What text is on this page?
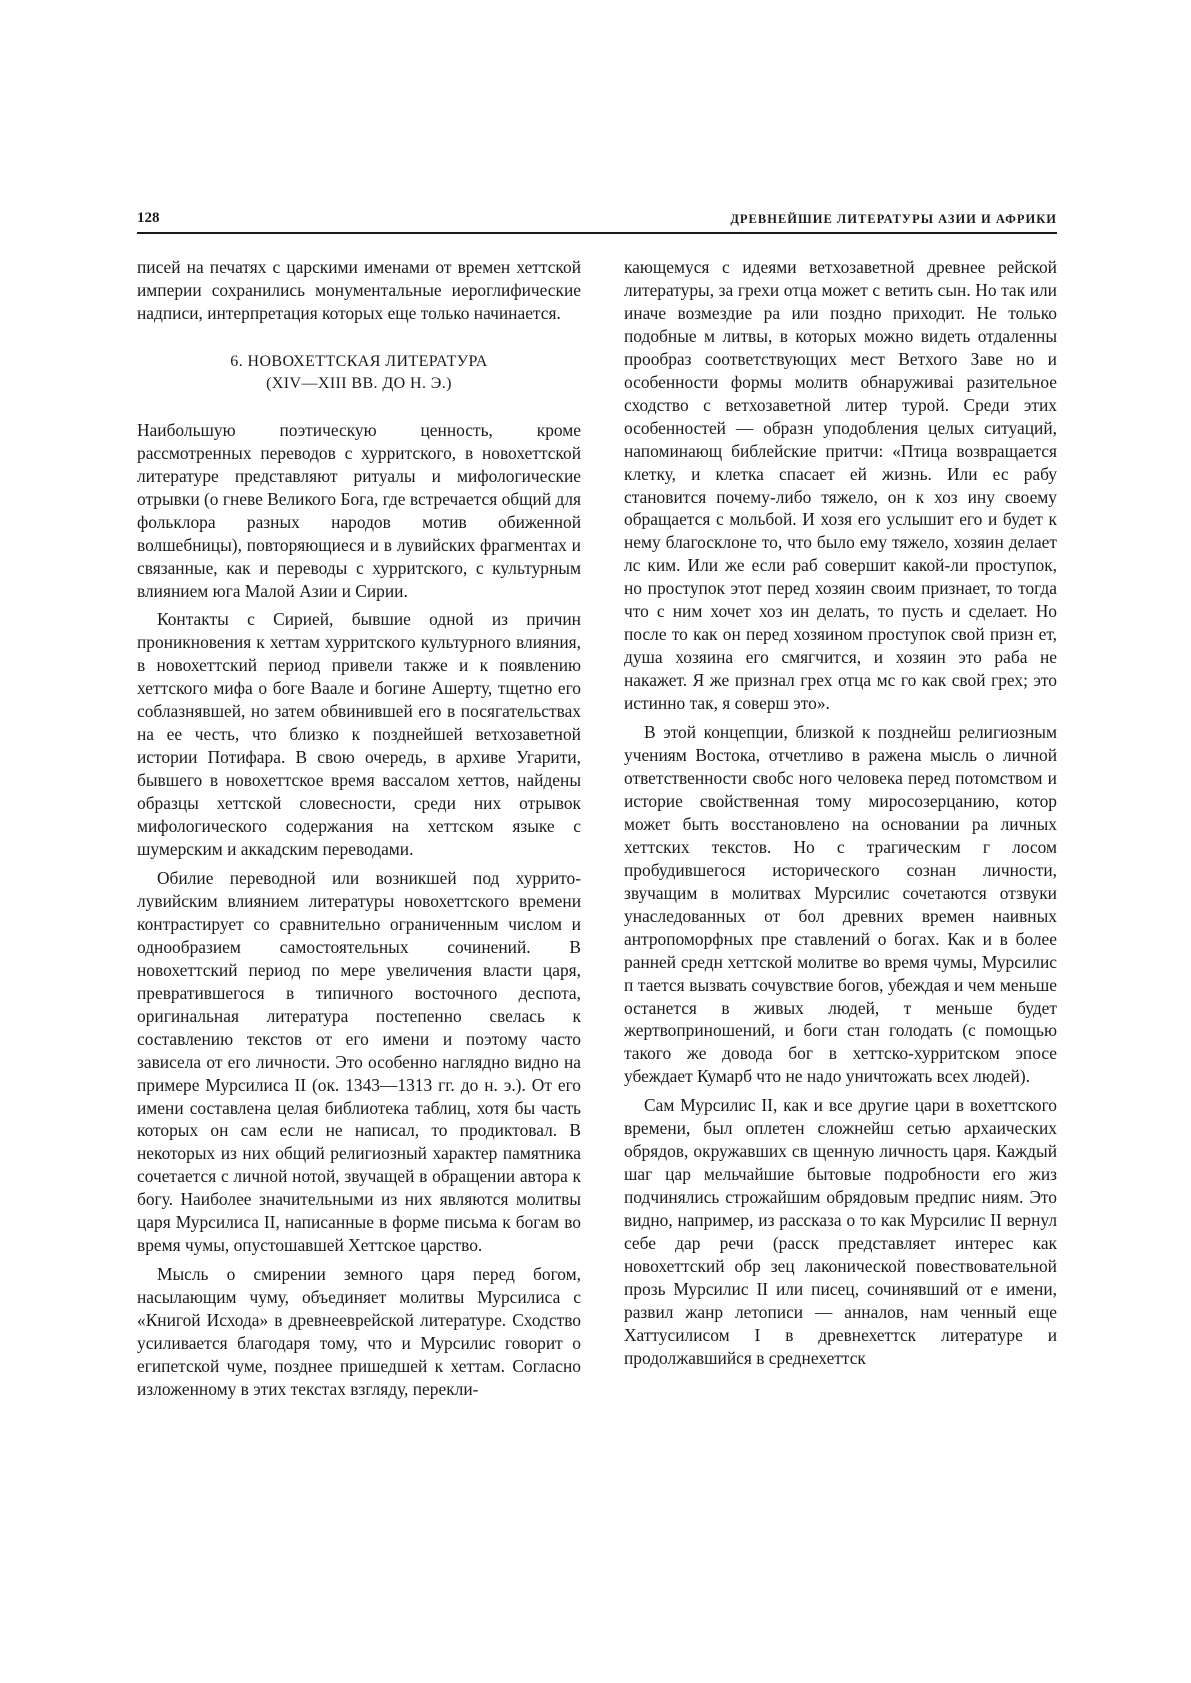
128	ДРЕВНЕЙШИЕ ЛИТЕРАТУРЫ АЗИИ И АФРИКИ

писей на печатях с царскими именами от времен хеттской империи сохранились монументальные иероглифические надписи, интерпретация которых еще только начинается.

6. НОВОХЕТТСКАЯ ЛИТЕРАТУРА
(XIV—XIII ВВ. ДО Н. Э.)

Наибольшую поэтическую ценность, кроме рассмотренных переводов с хурритского, в новохеттской литературе представляют ритуалы и мифологические отрывки (о гневе Великого Бога, где встречается общий для фольклора разных народов мотив обиженной волшебницы), повторяющиеся и в лувийских фрагментах и связанные, как и переводы с хурритского, с культурным влиянием юга Малой Азии и Сирии.

Контакты с Сирией, бывшие одной из причин проникновения к хеттам хурритского культурного влияния, в новохеттский период привели также и к появлению хеттского мифа о боге Ваале и богине Ашерту, тщетно его соблазнявшей, но затем обвинившей его в посягательствах на ее честь, что близко к позднейшей ветхозаветной истории Потифара. В свою очередь, в архиве Угарити, бывшего в новохеттское время вассалом хеттов, найдены образцы хеттской словесности, среди них отрывок мифологического содержания на хеттском языке с шумерским и аккадским переводами.

Обилие переводной или возникшей под хуррито-лувийским влиянием литературы новохеттского времени контрастирует со сравнительно ограниченным числом и однообразием самостоятельных сочинений. В новохеттский период по мере увеличения власти царя, превратившегося в типичного восточного деспота, оригинальная литература постепенно свелась к составлению текстов от его имени и поэтому часто зависела от его личности. Это особенно наглядно видно на примере Мурсилиса II (ок. 1343—1313 гг. до н. э.). От его имени составлена целая библиотека таблиц, хотя бы часть которых он сам если не написал, то продиктовал. В некоторых из них общий религиозный характер памятника сочетается с личной нотой, звучащей в обращении автора к богу. Наиболее значительными из них являются молитвы царя Мурсилиса II, написанные в форме письма к богам во время чумы, опустошавшей Хеттское царство.

Мысль о смирении земного царя перед богом, насылающим чуму, объединяет молитвы Мурсилиса с «Книгой Исхода» в древнееврейской литературе. Сходство усиливается благодаря тому, что и Мурсилис говорит о египетской чуме, позднее пришедшей к хеттам. Согласно изложенному в этих текстах взгляду, перекли-

кающемуся с идеями ветхозаветной древнее рейской литературы, за грехи отца может с ветить сын. Но так или иначе возмездие ра или поздно приходит. Не только подобные м литвы, в которых можно видеть отдаленны прообраз соответствующих мест Ветхого Заве но и особенности формы молитв обнаруживаi разительное сходство с ветхозаветной литер турой. Среди этих особенностей — образн уподобления целых ситуаций, напоминающ библейские притчи: «Птица возвращается клетку, и клетка спасает ей жизнь. Или ес рабу становится почему-либо тяжело, он к хоз ину своему обращается с мольбой. И хозя его услышит его и будет к нему благосклоне то, что было ему тяжело, хозяин делает лс ким. Или же если раб совершит какой-ли проступок, но проступок этот перед хозяин своим признает, то тогда что с ним хочет хоз ин делать, то пусть и сделает. Но после то как он перед хозяином проступок свой призн ет, душа хозяина его смягчится, и хозяин это раба не накажет. Я же признал грех отца мс го как свой грех; это истинно так, я соверш это».

В этой концепции, близкой к позднейш религиозным учениям Востока, отчетливо в ражена мысль о личной ответственности свобс ного человека перед потомством и историе свойственная тому миросозерцанию, котор может быть восстановлено на основании ра личных хеттских текстов. Но с трагическим г лосом пробудившегося исторического сознан личности, звучащим в молитвах Мурсилис сочетаются отзвуки унаследованных от бол древних времен наивных антропоморфных пре ставлений о богах. Как и в более ранней средн хеттской молитве во время чумы, Мурсилис п тается вызвать сочувствие богов, убеждая и чем меньше останется в живых людей, т меньше будет жертвоприношений, и боги стан голодать (с помощью такого же довода бог в хеттско-хурритском эпосе убеждает Кумарб что не надо уничтожать всех людей).

Сам Мурсилис II, как и все другие цари в вохеттского времени, был оплетен сложнейш сетью архаических обрядов, окружавших св щенную личность царя. Каждый шаг цар мельчайшие бытовые подробности его жиз подчинялись строжайшим обрядовым предпис ниям. Это видно, например, из рассказа о то как Мурсилис II вернул себе дар речи (расск представляет интерес как новохеттский обр зец лаконической повествовательной прозь Мурсилис II или писец, сочинявший от е имени, развил жанр летописи — анналов, нам ченный еще Хаттусилисом I в древнехеттск литературе и продолжавшийся в среднехеттск
